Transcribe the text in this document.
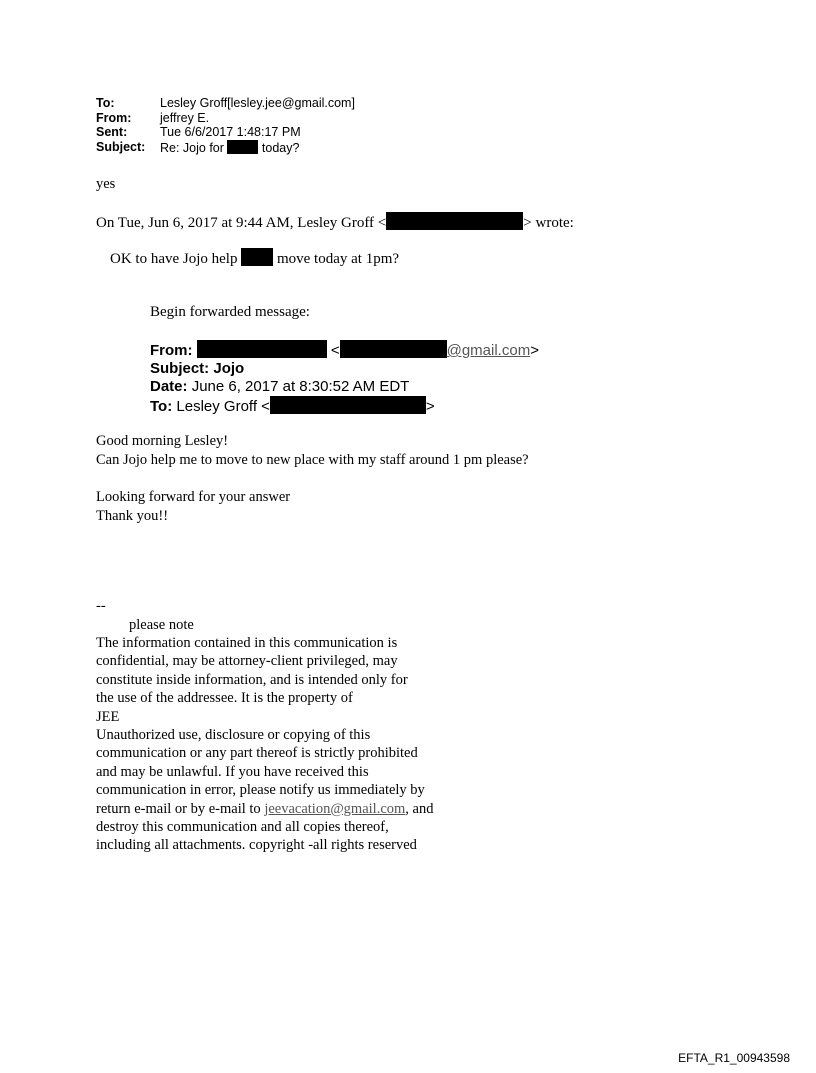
To:	Lesley Groff[lesley.jee@gmail.com]
From:	jeffrey E.
Sent:	Tue 6/6/2017 1:48:17 PM
Subject:	Re: Jojo for	today?
yes
On Tue, Jun 6, 2017 at 9:44 AM, Lesley Groff <	> wrote:
OK to have Jojo help	move today at 1pm?
Begin forwarded message:
From:	<	@gmail.com>
Subject: Jojo
Date: June 6, 2017 at 8:30:52 AM EDT
To: Lesley Groff <	>
Good morning Lesley!
Can Jojo help me to move to new place with my staff around 1 pm please?
Looking forward for your answer
Thank you!!
--
please note
The information contained in this communication is
confidential, may be attorney-client privileged, may
constitute inside information, and is intended only for
the use of the addressee. It is the property of
JEE
Unauthorized use, disclosure or copying of this
communication or any part thereof is strictly prohibited
and may be unlawful. If you have received this
communication in error, please notify us immediately by
return e-mail or by e-mail to jeevacation@gmail.com, and
destroy this communication and all copies thereof,
including all attachments. copyright -all rights reserved
EFTA_R1_00943598
